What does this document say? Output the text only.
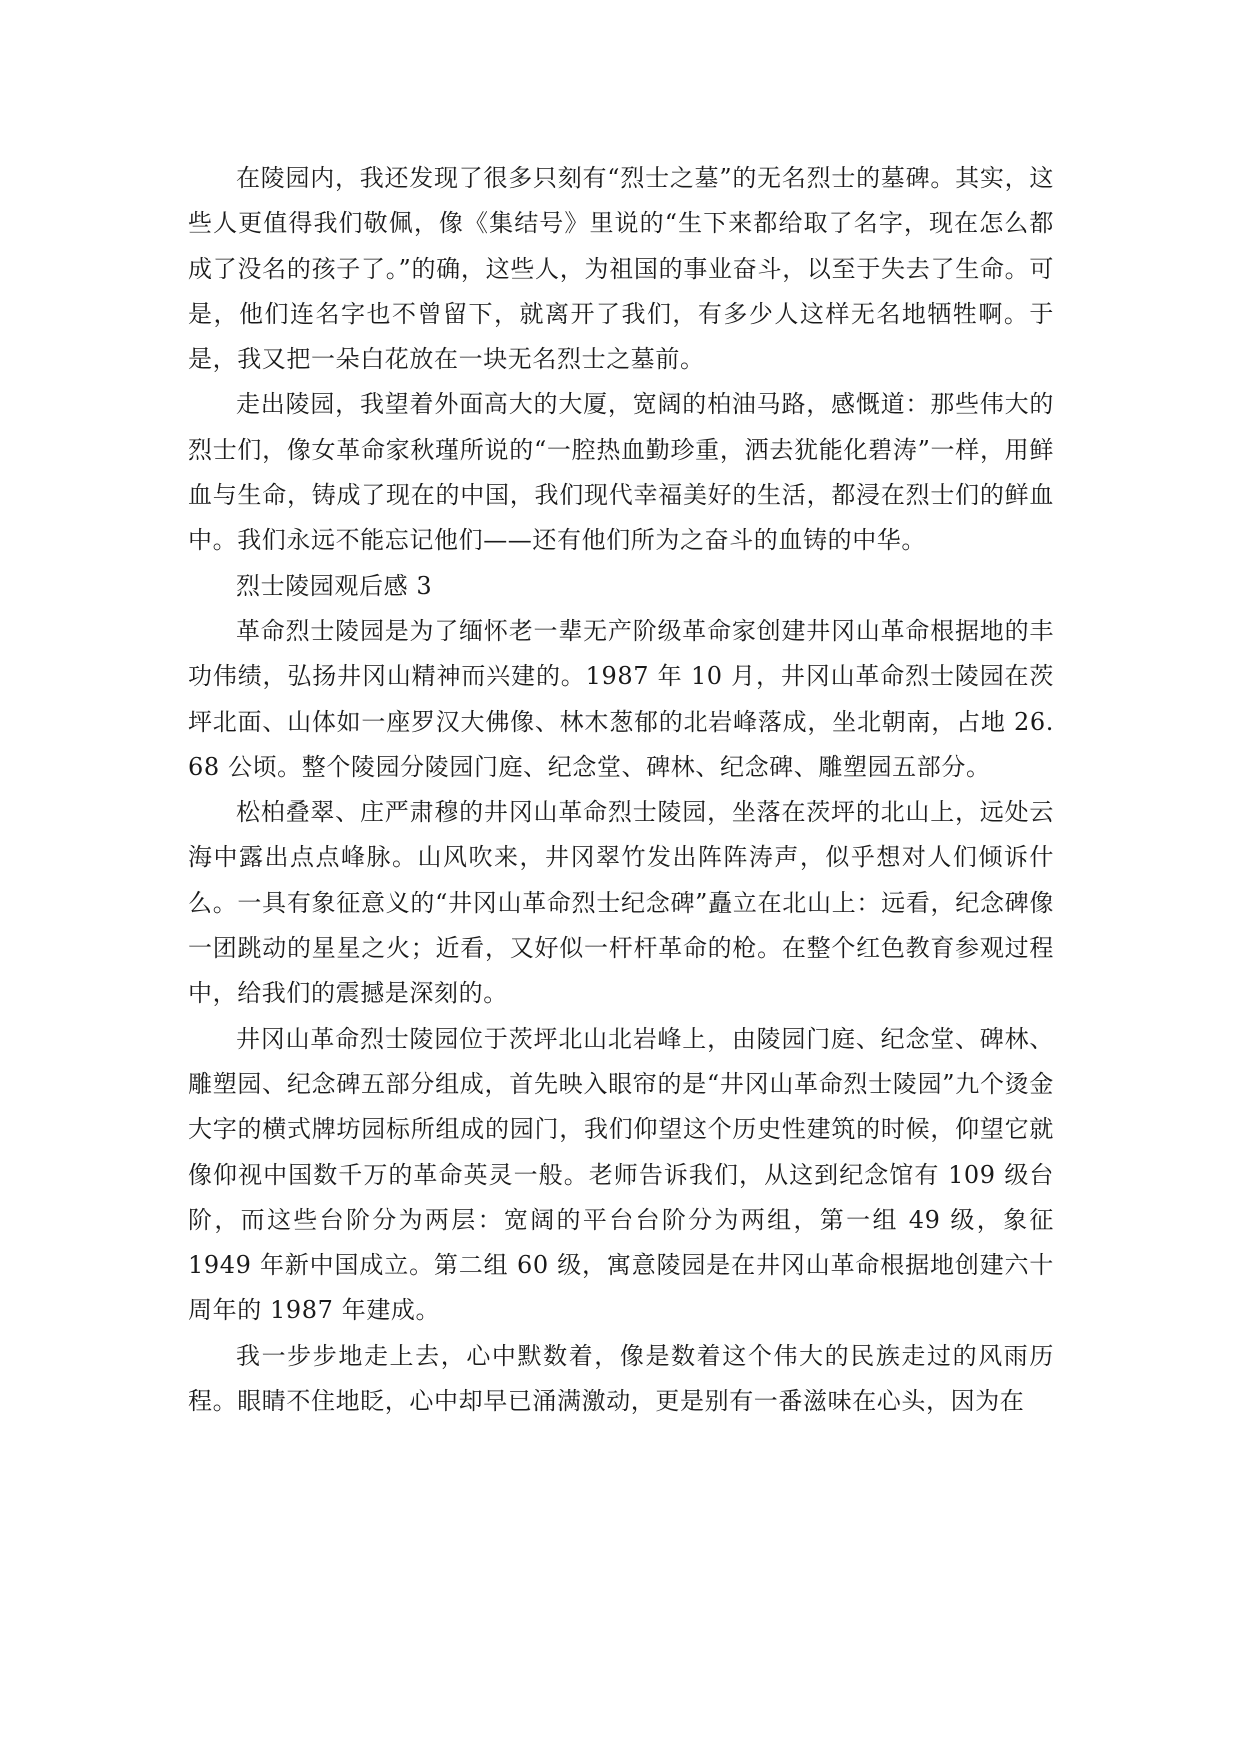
在陵园内，我还发现了很多只刻有“烈士之墓”的无名烈士的墓碑。其实，这些人更值得我们敬佩，像《集结号》里说的“生下来都给取了名字，现在怎么都成了没名的孩子了。”的确，这些人，为祖国的事业奋斗，以至于失去了生命。可是，他们连名字也不曾留下，就离开了我们，有多少人这样无名地牺牲啊。于是，我又把一朵白花放在一块无名烈士之墓前。

走出陵园，我望着外面高大的大厦，宽阔的柏油马路，感慨道：那些伟大的烈士们，像女革命家秋瑾所说的“一腔热血勤珍重，洒去犹能化碧涛”一样，用鲜血与生命，铸成了现在的中国，我们现代幸福美好的生活，都浸在烈士们的鲜血中。我们永远不能忘记他们——还有他们所为之奋斗的血铸的中华。

烈士陵园观后感 3

革命烈士陵园是为了缅怀老一辈无产阶级革命家创建井冈山革命根据地的丰功伟绩，弘扬井冈山精神而兴建的。1987 年 10 月，井冈山革命烈士陵园在茨坪北面、山体如一座罗汉大佛像、林木葱郁的北岩峰落成，坐北朝南，占地 26. 68 公顷。整个陵园分陵园门庭、纪念堂、碑林、纪念碑、雕塑园五部分。

松柏叠翠、庄严肃穆的井冈山革命烈士陵园，坐落在茨坪的北山上，远处云海中露出点点峰脉。山风吹来，井冈翠竹发出阵阵涛声，似乎想对人们倾诉什么。一具有象征意义的“井冈山革命烈士纪念碑”矗立在北山上：远看，纪念碑像一团跳动的星星之火；近看，又好似一杆杆革命的枪。在整个红色教育参观过程中，给我们的震撼是深刻的。

井冈山革命烈士陵园位于茨坪北山北岩峰上，由陵园门庭、纪念堂、碑林、雕塑园、纪念碑五部分组成，首先映入眼帘的是“井冈山革命烈士陵园”九个烫金大字的横式牌坊园标所组成的园门，我们仰望这个历史性建筑的时候，仰望它就像仰视中国数千万的革命英灵一般。老师告诉我们，从这到纪念馆有 109 级台阶，而这些台阶分为两层：宽阔的平台台阶分为两组，第一组 49 级，象征 1949 年新中国成立。第二组 60 级，寓意陵园是在井冈山革命根据地创建六十周年的 1987 年建成。

我一步步地走上去，心中默数着，像是数着这个伟大的民族走过的风雨历程。眼睛不住地眨，心中却早已涌满激动，更是别有一番滋味在心头，因为在
